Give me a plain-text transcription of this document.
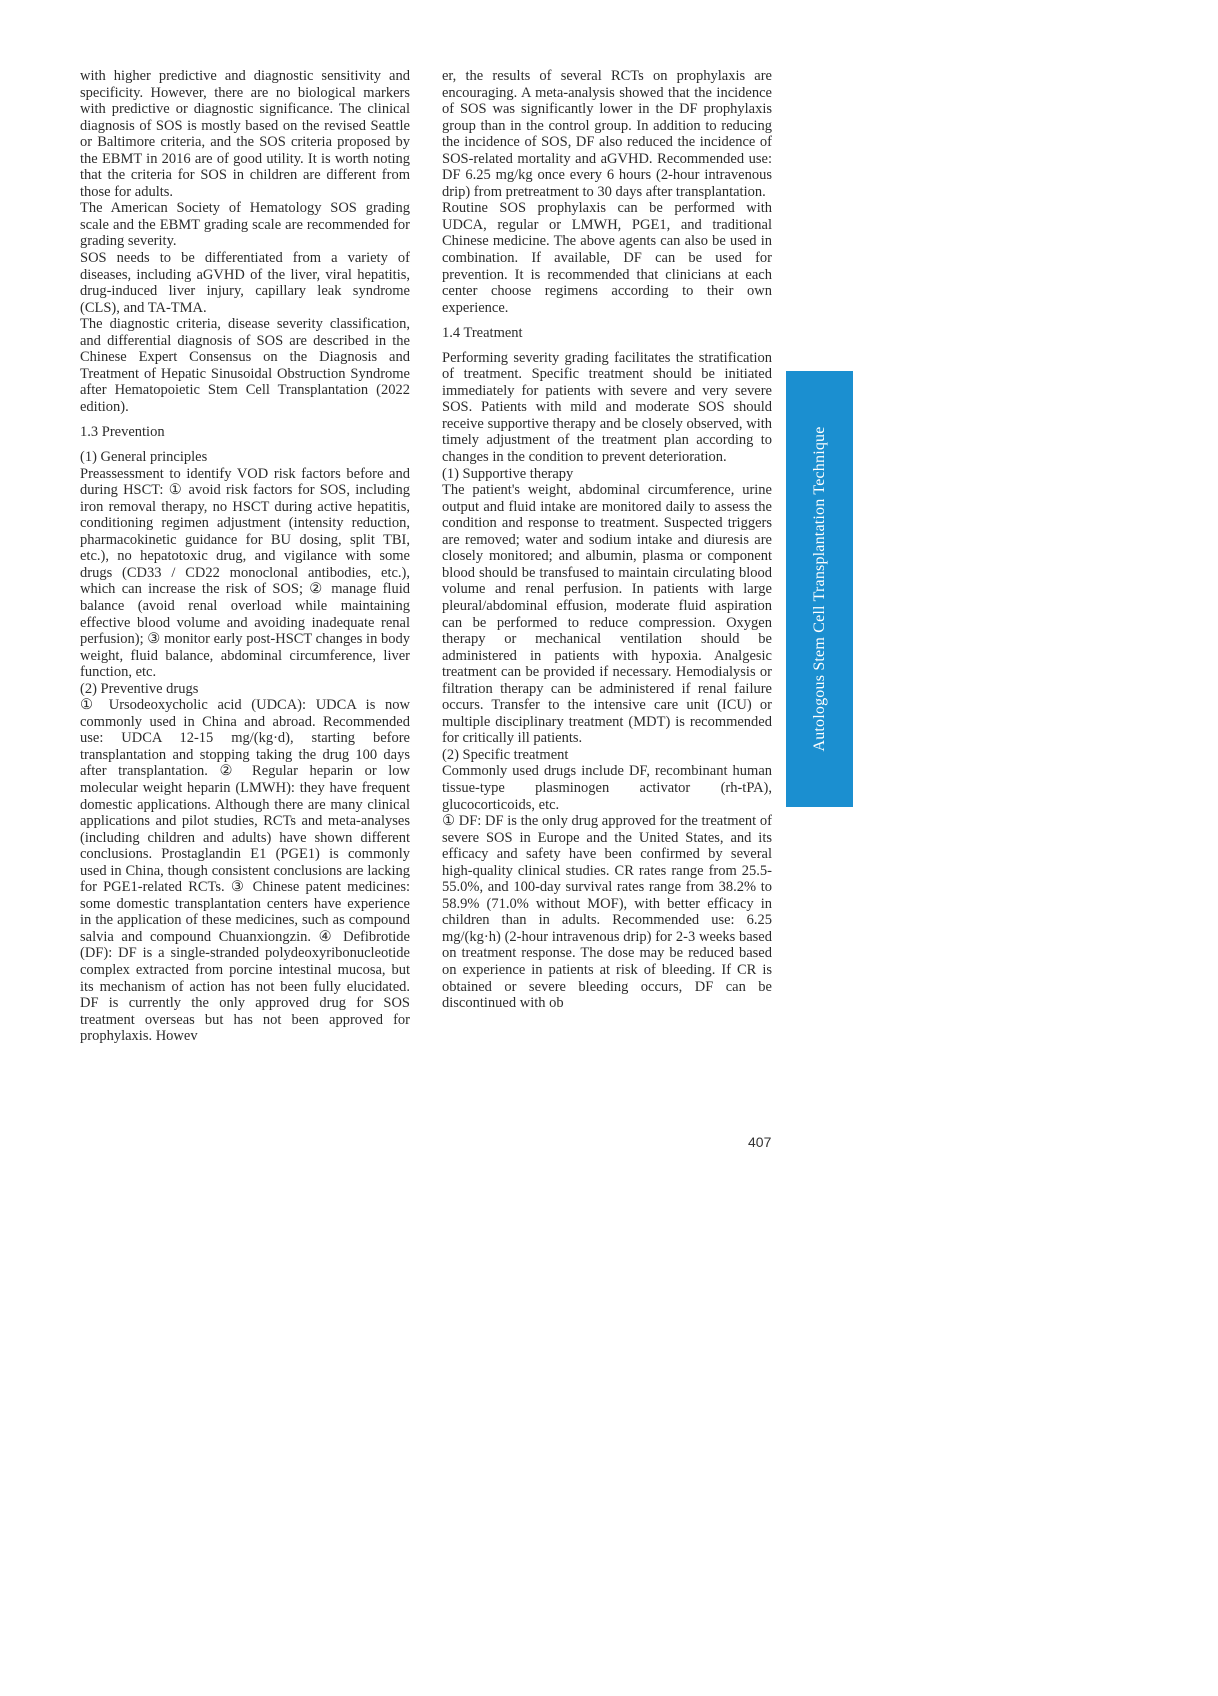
with higher predictive and diagnostic sensitivity and specificity. However, there are no biological markers with predictive or diagnostic significance. The clinical diagnosis of SOS is mostly based on the revised Seattle or Baltimore criteria, and the SOS criteria proposed by the EBMT in 2016 are of good utility. It is worth noting that the criteria for SOS in children are different from those for adults.

The American Society of Hematology SOS grading scale and the EBMT grading scale are recommended for grading severity.

SOS needs to be differentiated from a variety of diseases, including aGVHD of the liver, viral hepatitis, drug-induced liver injury, capillary leak syndrome (CLS), and TA-TMA.

The diagnostic criteria, disease severity classification, and differential diagnosis of SOS are described in the Chinese Expert Consensus on the Diagnosis and Treatment of Hepatic Sinusoidal Obstruction Syndrome after Hematopoietic Stem Cell Transplantation (2022 edition).

1.3 Prevention

(1) General principles

Preassessment to identify VOD risk factors before and during HSCT: ① avoid risk factors for SOS, including iron removal therapy, no HSCT during active hepatitis, conditioning regimen adjustment (intensity reduction, pharmacokinetic guidance for BU dosing, split TBI, etc.), no hepatotoxic drug, and vigilance with some drugs (CD33 / CD22 monoclonal antibodies, etc.), which can increase the risk of SOS; ② manage fluid balance (avoid renal overload while maintaining effective blood volume and avoiding inadequate renal perfusion); ③ monitor early post-HSCT changes in body weight, fluid balance, abdominal circumference, liver function, etc.

(2) Preventive drugs

① Ursodeoxycholic acid (UDCA): UDCA is now commonly used in China and abroad. Recommended use: UDCA 12-15 mg/(kg·d), starting before transplantation and stopping taking the drug 100 days after transplantation. ② Regular heparin or low molecular weight heparin (LMWH): they have frequent domestic applications. Although there are many clinical applications and pilot studies, RCTs and meta-analyses (including children and adults) have shown different conclusions. Prostaglandin E1 (PGE1) is commonly used in China, though consistent conclusions are lacking for PGE1-related RCTs. ③ Chinese patent medicines: some domestic transplantation centers have experience in the application of these medicines, such as compound salvia and compound Chuanxiongzin. ④ Defibrotide (DF): DF is a single-stranded polydeoxyribonucleotide complex extracted from porcine intestinal mucosa, but its mechanism of action has not been fully elucidated. DF is currently the only approved drug for SOS treatment overseas but has not been approved for prophylaxis. Howev

er, the results of several RCTs on prophylaxis are encouraging. A meta-analysis showed that the incidence of SOS was significantly lower in the DF prophylaxis group than in the control group. In addition to reducing the incidence of SOS, DF also reduced the incidence of SOS-related mortality and aGVHD. Recommended use: DF 6.25 mg/kg once every 6 hours (2-hour intravenous drip) from pretreatment to 30 days after transplantation.

Routine SOS prophylaxis can be performed with UDCA, regular or LMWH, PGE1, and traditional Chinese medicine. The above agents can also be used in combination. If available, DF can be used for prevention. It is recommended that clinicians at each center choose regimens according to their own experience.

1.4 Treatment

Performing severity grading facilitates the stratification of treatment. Specific treatment should be initiated immediately for patients with severe and very severe SOS. Patients with mild and moderate SOS should receive supportive therapy and be closely observed, with timely adjustment of the treatment plan according to changes in the condition to prevent deterioration.

(1) Supportive therapy

The patient's weight, abdominal circumference, urine output and fluid intake are monitored daily to assess the condition and response to treatment. Suspected triggers are removed; water and sodium intake and diuresis are closely monitored; and albumin, plasma or component blood should be transfused to maintain circulating blood volume and renal perfusion. In patients with large pleural/abdominal effusion, moderate fluid aspiration can be performed to reduce compression. Oxygen therapy or mechanical ventilation should be administered in patients with hypoxia. Analgesic treatment can be provided if necessary. Hemodialysis or filtration therapy can be administered if renal failure occurs. Transfer to the intensive care unit (ICU) or multiple disciplinary treatment (MDT) is recommended for critically ill patients.

(2) Specific treatment

Commonly used drugs include DF, recombinant human tissue-type plasminogen activator (rh-tPA), glucocorticoids, etc.

① DF: DF is the only drug approved for the treatment of severe SOS in Europe and the United States, and its efficacy and safety have been confirmed by several high-quality clinical studies. CR rates range from 25.5-55.0%, and 100-day survival rates range from 38.2% to 58.9% (71.0% without MOF), with better efficacy in children than in adults. Recommended use: 6.25 mg/(kg·h) (2-hour intravenous drip) for 2-3 weeks based on treatment response. The dose may be reduced based on experience in patients at risk of bleeding. If CR is obtained or severe bleeding occurs, DF can be discontinued with ob

Autologous Stem Cell Transplantation Technique
407
